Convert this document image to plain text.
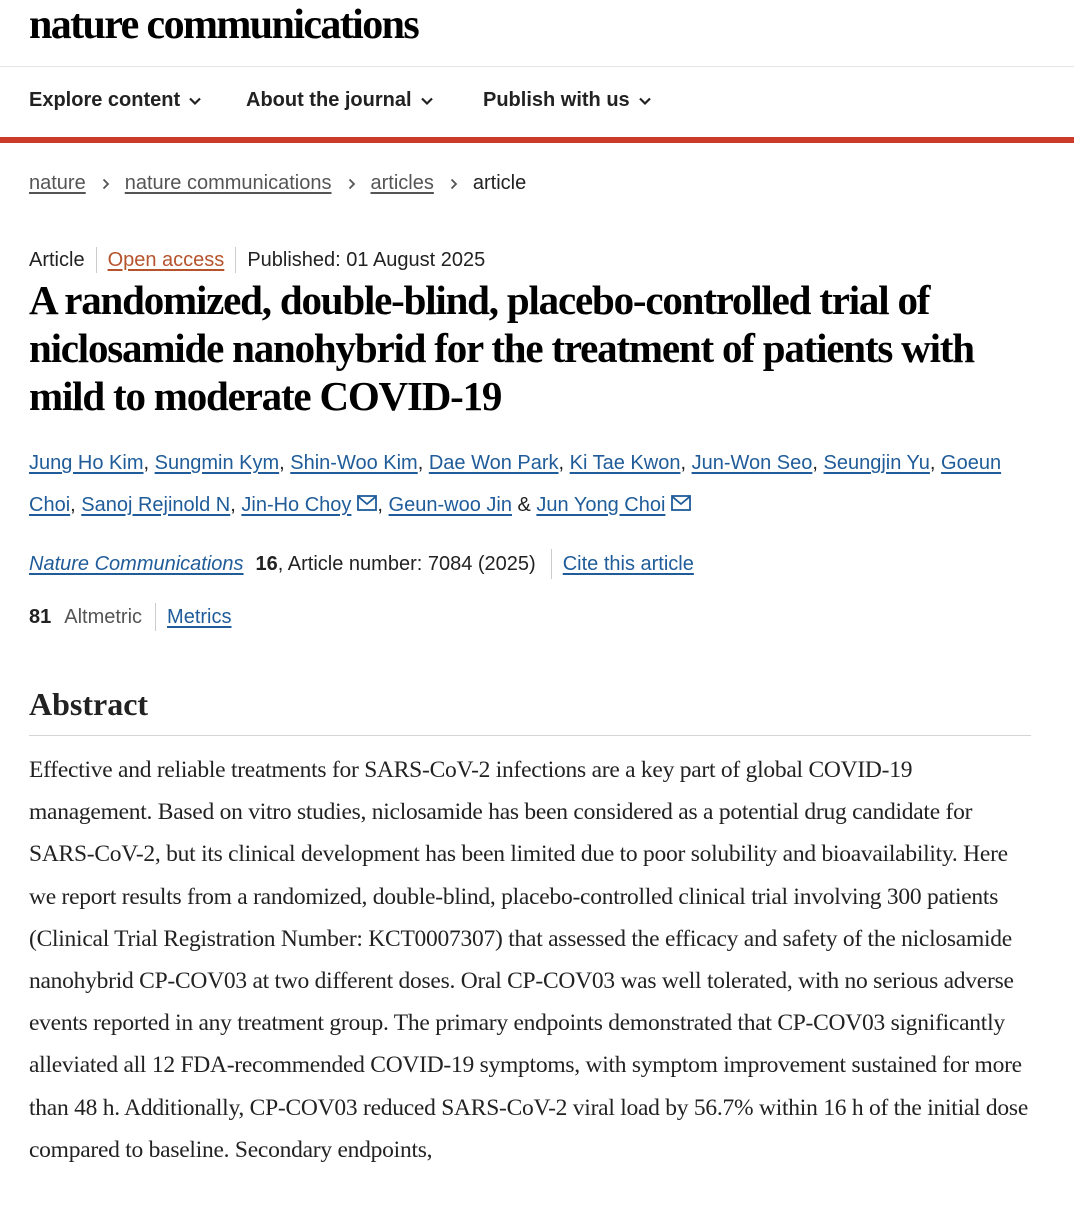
nature communications
Explore content	About the journal	Publish with us
nature nature communications articles article
Article Open access Published: 01 August 2025
A randomized, double-blind, placebo-controlled trial of niclosamide nanohybrid for the treatment of patients with mild to moderate COVID-19
Jung Ho Kim, Sungmin Kym, Shin-Woo Kim, Dae Won Park, Ki Tae Kwon, Jun-Won Seo, Seungjin Yu, Goeun Choi, Sanoj Rejinold N, Jin-Ho Choy , Geun-woo Jin & Jun Yong Choi
Nature Communications 16 , Article number: 7084 (2025) Cite this article
81 Altmetric Metrics
Abstract

Effective and reliable treatments for SARS-CoV-2 infections are a key part of global COVID-19 management. Based on vitro studies, niclosamide has been considered as a potential drug candidate for SARS-CoV-2, but its clinical development has been limited due to poor solubility and bioavailability. Here we report results from a randomized, double-blind, placebo-controlled clinical trial involving 300 patients (Clinical Trial Registration Number: KCT0007307) that assessed the efficacy and safety of the niclosamide nanohybrid CP-COV03 at two different doses. Oral CP-COV03 was well tolerated, with no serious adverse events reported in any treatment group. The primary endpoints demonstrated that CP-COV03 significantly alleviated all 12 FDA-recommended COVID-19 symptoms, with symptom improvement sustained for more than 48 h. Additionally, CP-COV03 reduced SARS-CoV-2 viral load by 56.7% within 16 h of the initial dose compared to baseline. Secondary endpoints,
